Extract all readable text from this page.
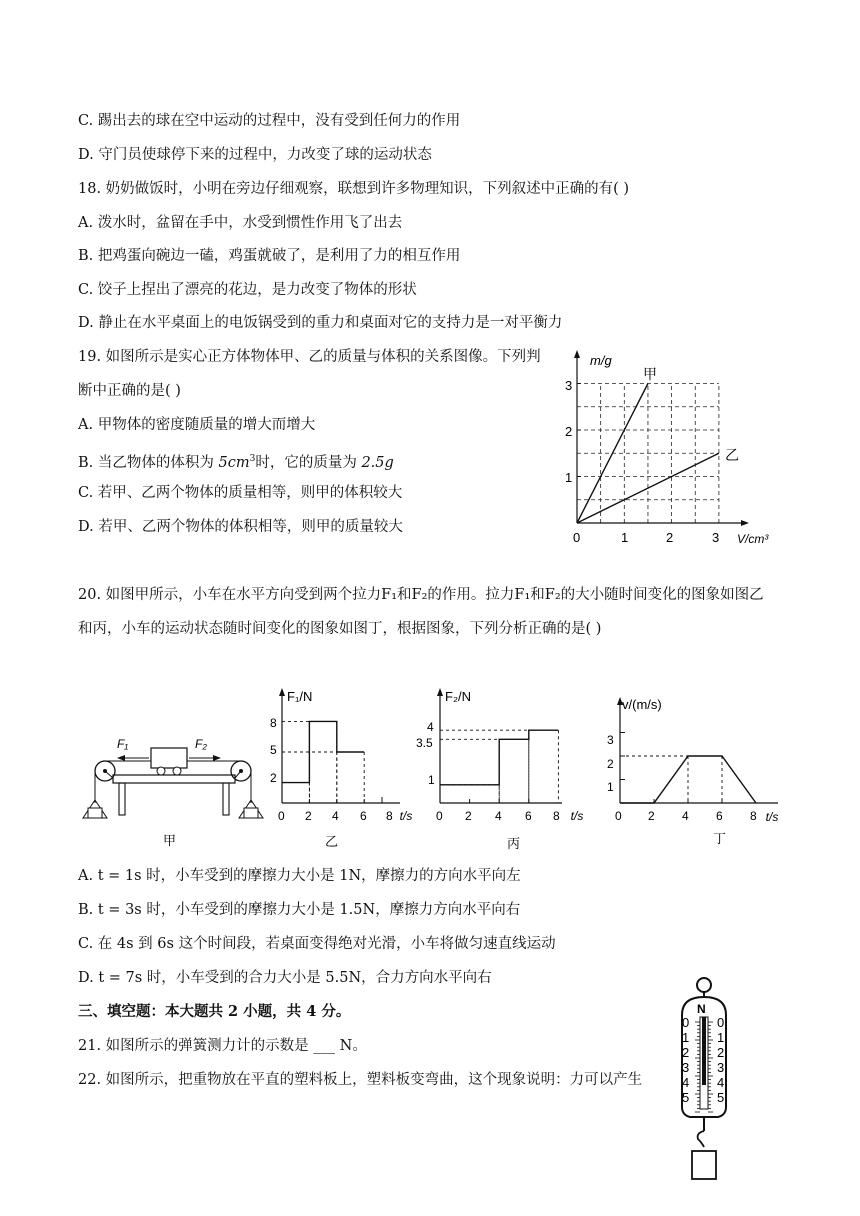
C. 踢出去的球在空中运动的过程中，没有受到任何力的作用
D. 守门员使球停下来的过程中，力改变了球的运动状态
18. 奶奶做饭时，小明在旁边仔细观察，联想到许多物理知识，下列叙述中正确的有( )
A. 泼水时，盆留在手中，水受到惯性作用飞了出去
B. 把鸡蛋向碗边一磕，鸡蛋就破了，是利用了力的相互作用
C. 饺子上捏出了漂亮的花边，是力改变了物体的形状
D. 静止在水平桌面上的电饭锅受到的重力和桌面对它的支持力是一对平衡力
19. 如图所示是实心正方体物体甲、乙的质量与体积的关系图像。下列判
断中正确的是( )
A. 甲物体的密度随质量的增大而增大
B. 当乙物体的体积为 $5cm^3$时，它的质量为 2.5g
C. 若甲、乙两个物体的质量相等，则甲的体积较大
D. 若甲、乙两个物体的体积相等，则甲的质量较大
20. 如图甲所示，小车在水平方向受到两个拉力F₁和F₂的作用。拉力F₁和F₂的大小随时间变化的图象如图乙
和丙，小车的运动状态随时间变化的图象如图丁，根据图象，下列分析正确的是( )
A. t = 1s 时，小车受到的摩擦力大小是 1N，摩擦力的方向水平向左
B. t = 3s 时，小车受到的摩擦力大小是 1.5N，摩擦力方向水平向右
C. 在 4s 到 6s 这个时间段，若桌面变得绝对光滑，小车将做匀速直线运动
D. t = 7s 时，小车受到的合力大小是 5.5N，合力方向水平向右
三、填空题：本大题共 2 小题，共 4 分。
21. 如图所示的弹簧测力计的示数是 ___ N。
22. 如图所示，把重物放在平直的塑料板上，塑料板变弯曲，这个现象说明：力可以产生
m/g
V/cm³
1
2
3
0	1	2	3
甲
乙
F₁	F₂
甲
F₁/N
8
5
2
0 2 4 6 8 t/s
乙
F₂/N
4
3.5
1
0 2 4 6 8 t/s
丙
v/(m/s)
3
2
1
0 2 4 6 8 t/s
丁
N
0
1
2
3
4
5
0
1
2
3
4
5
